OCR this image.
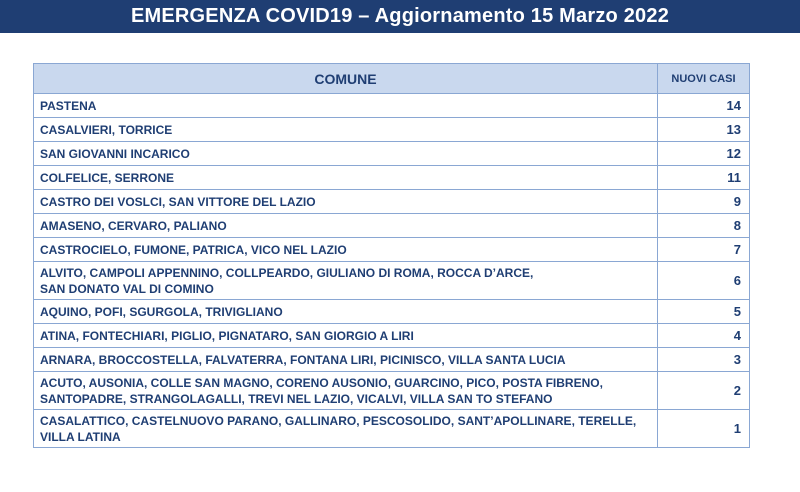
EMERGENZA COVID19 – Aggiornamento 15 Marzo 2022
COMUNE	NUOVI CASI
PASTENA	14
CASALVIERI, TORRICE	13
SAN GIOVANNI INCARICO	12
COLFELICE, SERRONE	11
CASTRO DEI VOSLCI, SAN VITTORE DEL LAZIO	9
AMASENO, CERVARO, PALIANO	8
CASTROCIELO, FUMONE, PATRICA, VICO NEL LAZIO	7

ALVITO, CAMPOLI APPENNINO, COLLPEARDO, GIULIANO DI ROMA, ROCCA D’ARCE,
SAN DONATO VAL DI COMINO	6
AQUINO, POFI, SGURGOLA, TRIVIGLIANO	5
ATINA, FONTECHIARI, PIGLIO, PIGNATARO, SAN GIORGIO A LIRI	4
ARNARA, BROCCOSTELLA, FALVATERRA, FONTANA LIRI, PICINISCO, VILLA SANTA LUCIA	3

ACUTO, AUSONIA, COLLE SAN MAGNO, CORENO AUSONIO, GUARCINO, PICO, POSTA FIBRENO,
SANTOPADRE, STRANGOLAGALLI, TREVI NEL LAZIO, VICALVI, VILLA SAN TO STEFANO	2

CASALATTICO, CASTELNUOVO PARANO, GALLINARO, PESCOSOLIDO, SANT’APOLLINARE, TERELLE,
VILLA LATINA	1
